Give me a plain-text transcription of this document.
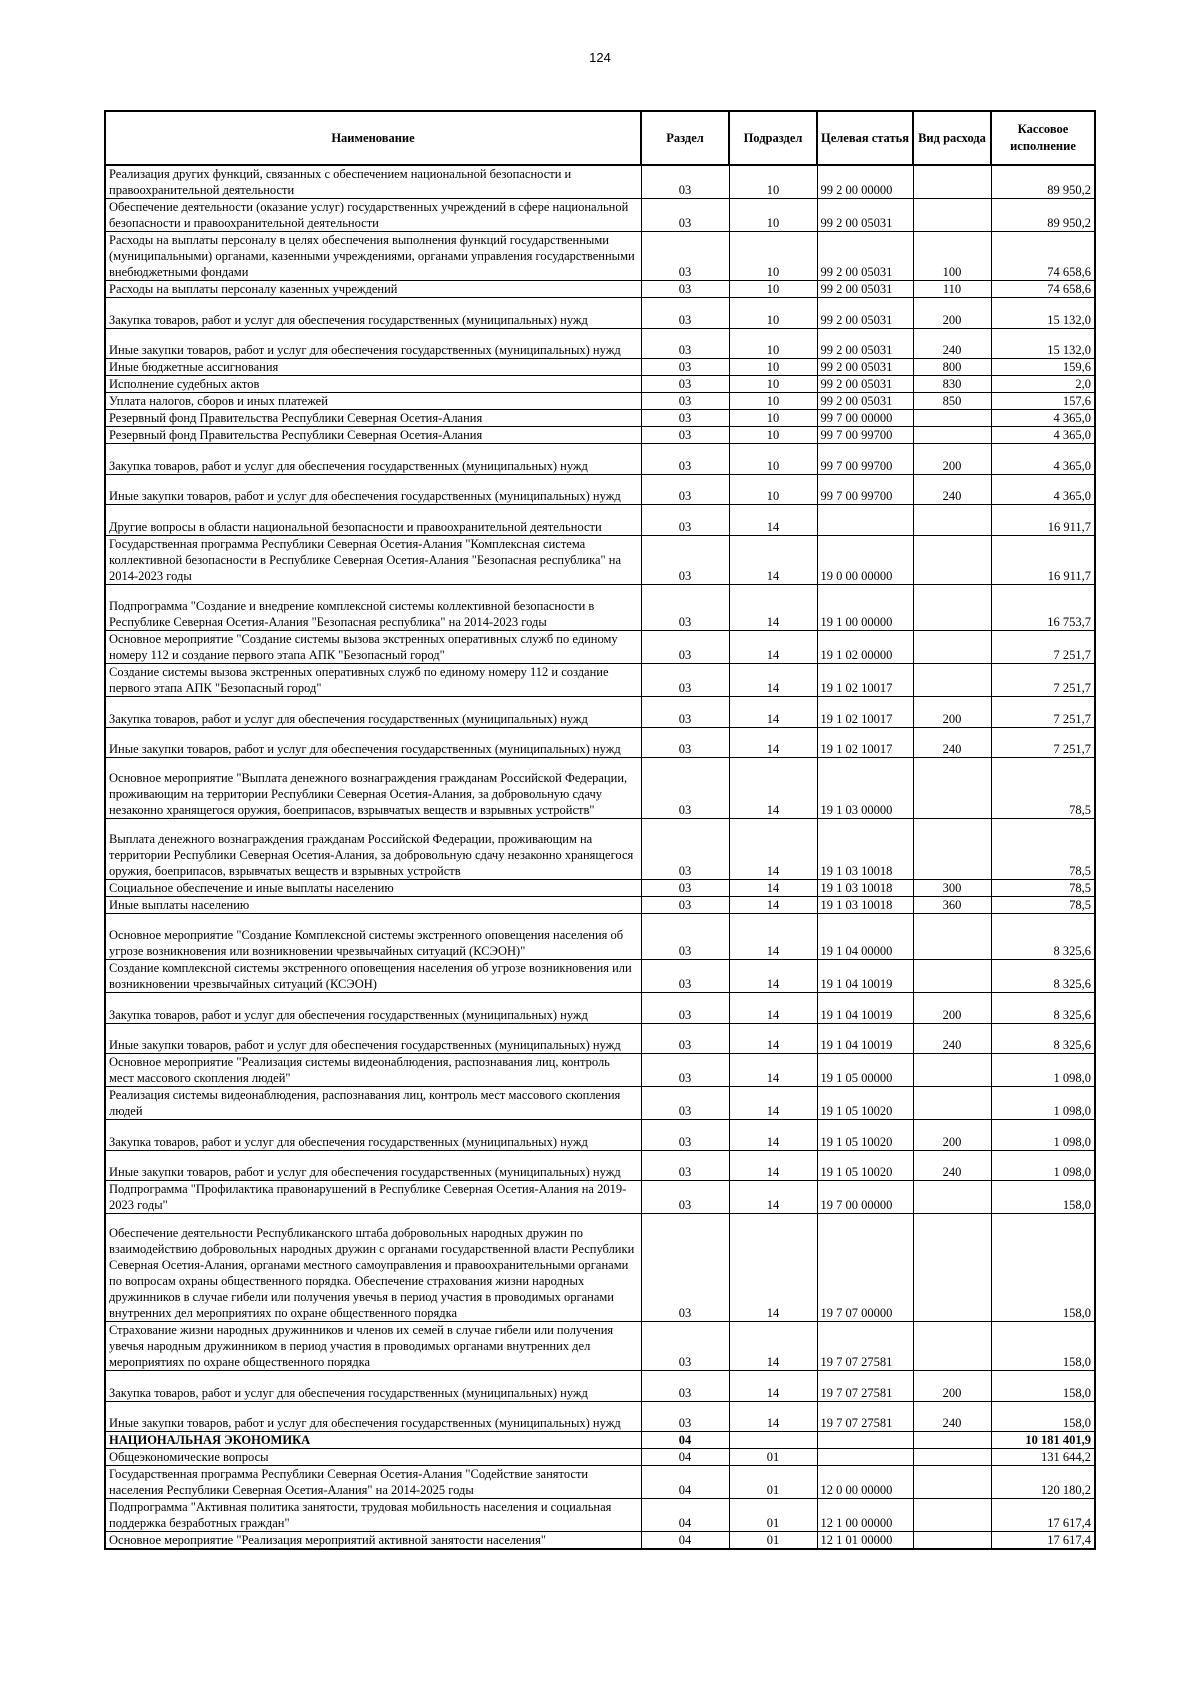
124
Наименование	Раздел	Подраздел	Целевая статья	Вид расхода	Кассовое исполнение
Реализация других функций, связанных с обеспечением национальной безопасности и правоохранительной деятельности	03	10	99 2 00 00000		89 950,2
Обеспечение деятельности (оказание услуг) государственных учреждений в сфере национальной безопасности и правоохранительной деятельности	03	10	99 2 00 05031		89 950,2
Расходы на выплаты персоналу в целях обеспечения выполнения функций государственными (муниципальными) органами, казенными учреждениями, органами управления государственными внебюджетными фондами	03	10	99 2 00 05031	100	74 658,6
Расходы на выплаты персоналу казенных учреждений	03	10	99 2 00 05031	110	74 658,6
Закупка товаров, работ и услуг для обеспечения государственных (муниципальных) нужд	03	10	99 2 00 05031	200	15 132,0
Иные закупки товаров, работ и услуг для обеспечения государственных (муниципальных) нужд	03	10	99 2 00 05031	240	15 132,0
Иные бюджетные ассигнования	03	10	99 2 00 05031	800	159,6
Исполнение судебных актов	03	10	99 2 00 05031	830	2,0
Уплата налогов, сборов и иных платежей	03	10	99 2 00 05031	850	157,6
Резервный фонд Правительства Республики Северная Осетия-Алания	03	10	99 7 00 00000		4 365,0
Резервный фонд Правительства Республики Северная Осетия-Алания	03	10	99 7 00 99700		4 365,0
Закупка товаров, работ и услуг для обеспечения государственных (муниципальных) нужд	03	10	99 7 00 99700	200	4 365,0
Иные закупки товаров, работ и услуг для обеспечения государственных (муниципальных) нужд	03	10	99 7 00 99700	240	4 365,0
Другие вопросы в области национальной безопасности и правоохранительной деятельности	03	14			16 911,7
Государственная программа Республики Северная Осетия-Алания "Комплексная система коллективной безопасности в Республике Северная Осетия-Алания "Безопасная республика" на 2014-2023 годы	03	14	19 0 00 00000		16 911,7
Подпрограмма "Создание и внедрение комплексной системы коллективной безопасности в Республике Северная Осетия-Алания "Безопасная республика" на 2014-2023 годы	03	14	19 1 00 00000		16 753,7
Основное мероприятие "Создание системы вызова экстренных оперативных служб по единому номеру 112 и создание первого этапа АПК "Безопасный город"	03	14	19 1 02 00000		7 251,7
Создание системы вызова экстренных оперативных служб по единому номеру 112 и создание первого этапа АПК "Безопасный город"	03	14	19 1 02 10017		7 251,7
Закупка товаров, работ и услуг для обеспечения государственных (муниципальных) нужд	03	14	19 1 02 10017	200	7 251,7
Иные закупки товаров, работ и услуг для обеспечения государственных (муниципальных) нужд	03	14	19 1 02 10017	240	7 251,7
Основное мероприятие "Выплата денежного вознаграждения гражданам Российской Федерации, проживающим на территории Республики Северная Осетия-Алания, за добровольную сдачу незаконно хранящегося оружия, боеприпасов, взрывчатых веществ и взрывных устройств"	03	14	19 1 03 00000		78,5
Выплата денежного вознаграждения гражданам Российской Федерации, проживающим на территории Республики Северная Осетия-Алания, за добровольную сдачу незаконно хранящегося оружия, боеприпасов, взрывчатых веществ и взрывных устройств	03	14	19 1 03 10018		78,5
Социальное обеспечение и иные выплаты населению	03	14	19 1 03 10018	300	78,5
Иные выплаты населению	03	14	19 1 03 10018	360	78,5
Основное мероприятие "Создание Комплексной системы экстренного оповещения населения об угрозе возникновения или возникновении чрезвычайных ситуаций (КСЭОН)"	03	14	19 1 04 00000		8 325,6
Создание комплексной системы экстренного оповещения населения об угрозе возникновения или возникновении чрезвычайных ситуаций (КСЭОН)	03	14	19 1 04 10019		8 325,6
Закупка товаров, работ и услуг для обеспечения государственных (муниципальных) нужд	03	14	19 1 04 10019	200	8 325,6
Иные закупки товаров, работ и услуг для обеспечения государственных (муниципальных) нужд	03	14	19 1 04 10019	240	8 325,6
Основное мероприятие "Реализация системы видеонаблюдения, распознавания лиц, контроль мест массового скопления людей"	03	14	19 1 05 00000		1 098,0
Реализация системы видеонаблюдения, распознавания лиц, контроль мест массового скопления людей	03	14	19 1 05 10020		1 098,0
Закупка товаров, работ и услуг для обеспечения государственных (муниципальных) нужд	03	14	19 1 05 10020	200	1 098,0
Иные закупки товаров, работ и услуг для обеспечения государственных (муниципальных) нужд	03	14	19 1 05 10020	240	1 098,0
Подпрограмма "Профилактика правонарушений в Республике Северная Осетия-Алания на 2019-2023 годы"	03	14	19 7 00 00000		158,0
Обеспечение деятельности Республиканского штаба добровольных народных дружин по взаимодействию добровольных народных дружин с органами государственной власти Республики Северная Осетия-Алания, органами местного самоуправления и правоохранительными органами по вопросам охраны общественного порядка. Обеспечение страхования жизни народных дружинников в случае гибели или получения увечья в период участия в проводимых органами внутренних дел мероприятиях по охране общественного порядка	03	14	19 7 07 00000		158,0
Страхование жизни народных дружинников и членов их семей в случае гибели или получения увечья народным дружинником в период участия в проводимых органами внутренних дел мероприятиях по охране общественного порядка	03	14	19 7 07 27581		158,0
Закупка товаров, работ и услуг для обеспечения государственных (муниципальных) нужд	03	14	19 7 07 27581	200	158,0
Иные закупки товаров, работ и услуг для обеспечения государственных (муниципальных) нужд	03	14	19 7 07 27581	240	158,0
НАЦИОНАЛЬНАЯ ЭКОНОМИКА	04				10 181 401,9
Общеэкономические вопросы	04	01			131 644,2
Государственная программа Республики Северная Осетия-Алания "Содействие занятости населения Республики Северная Осетия-Алания" на 2014-2025 годы	04	01	12 0 00 00000		120 180,2
Подпрограмма "Активная политика занятости, трудовая мобильность населения и социальная поддержка безработных граждан"	04	01	12 1 00 00000		17 617,4
Основное мероприятие "Реализация мероприятий активной занятости населения"	04	01	12 1 01 00000		17 617,4
